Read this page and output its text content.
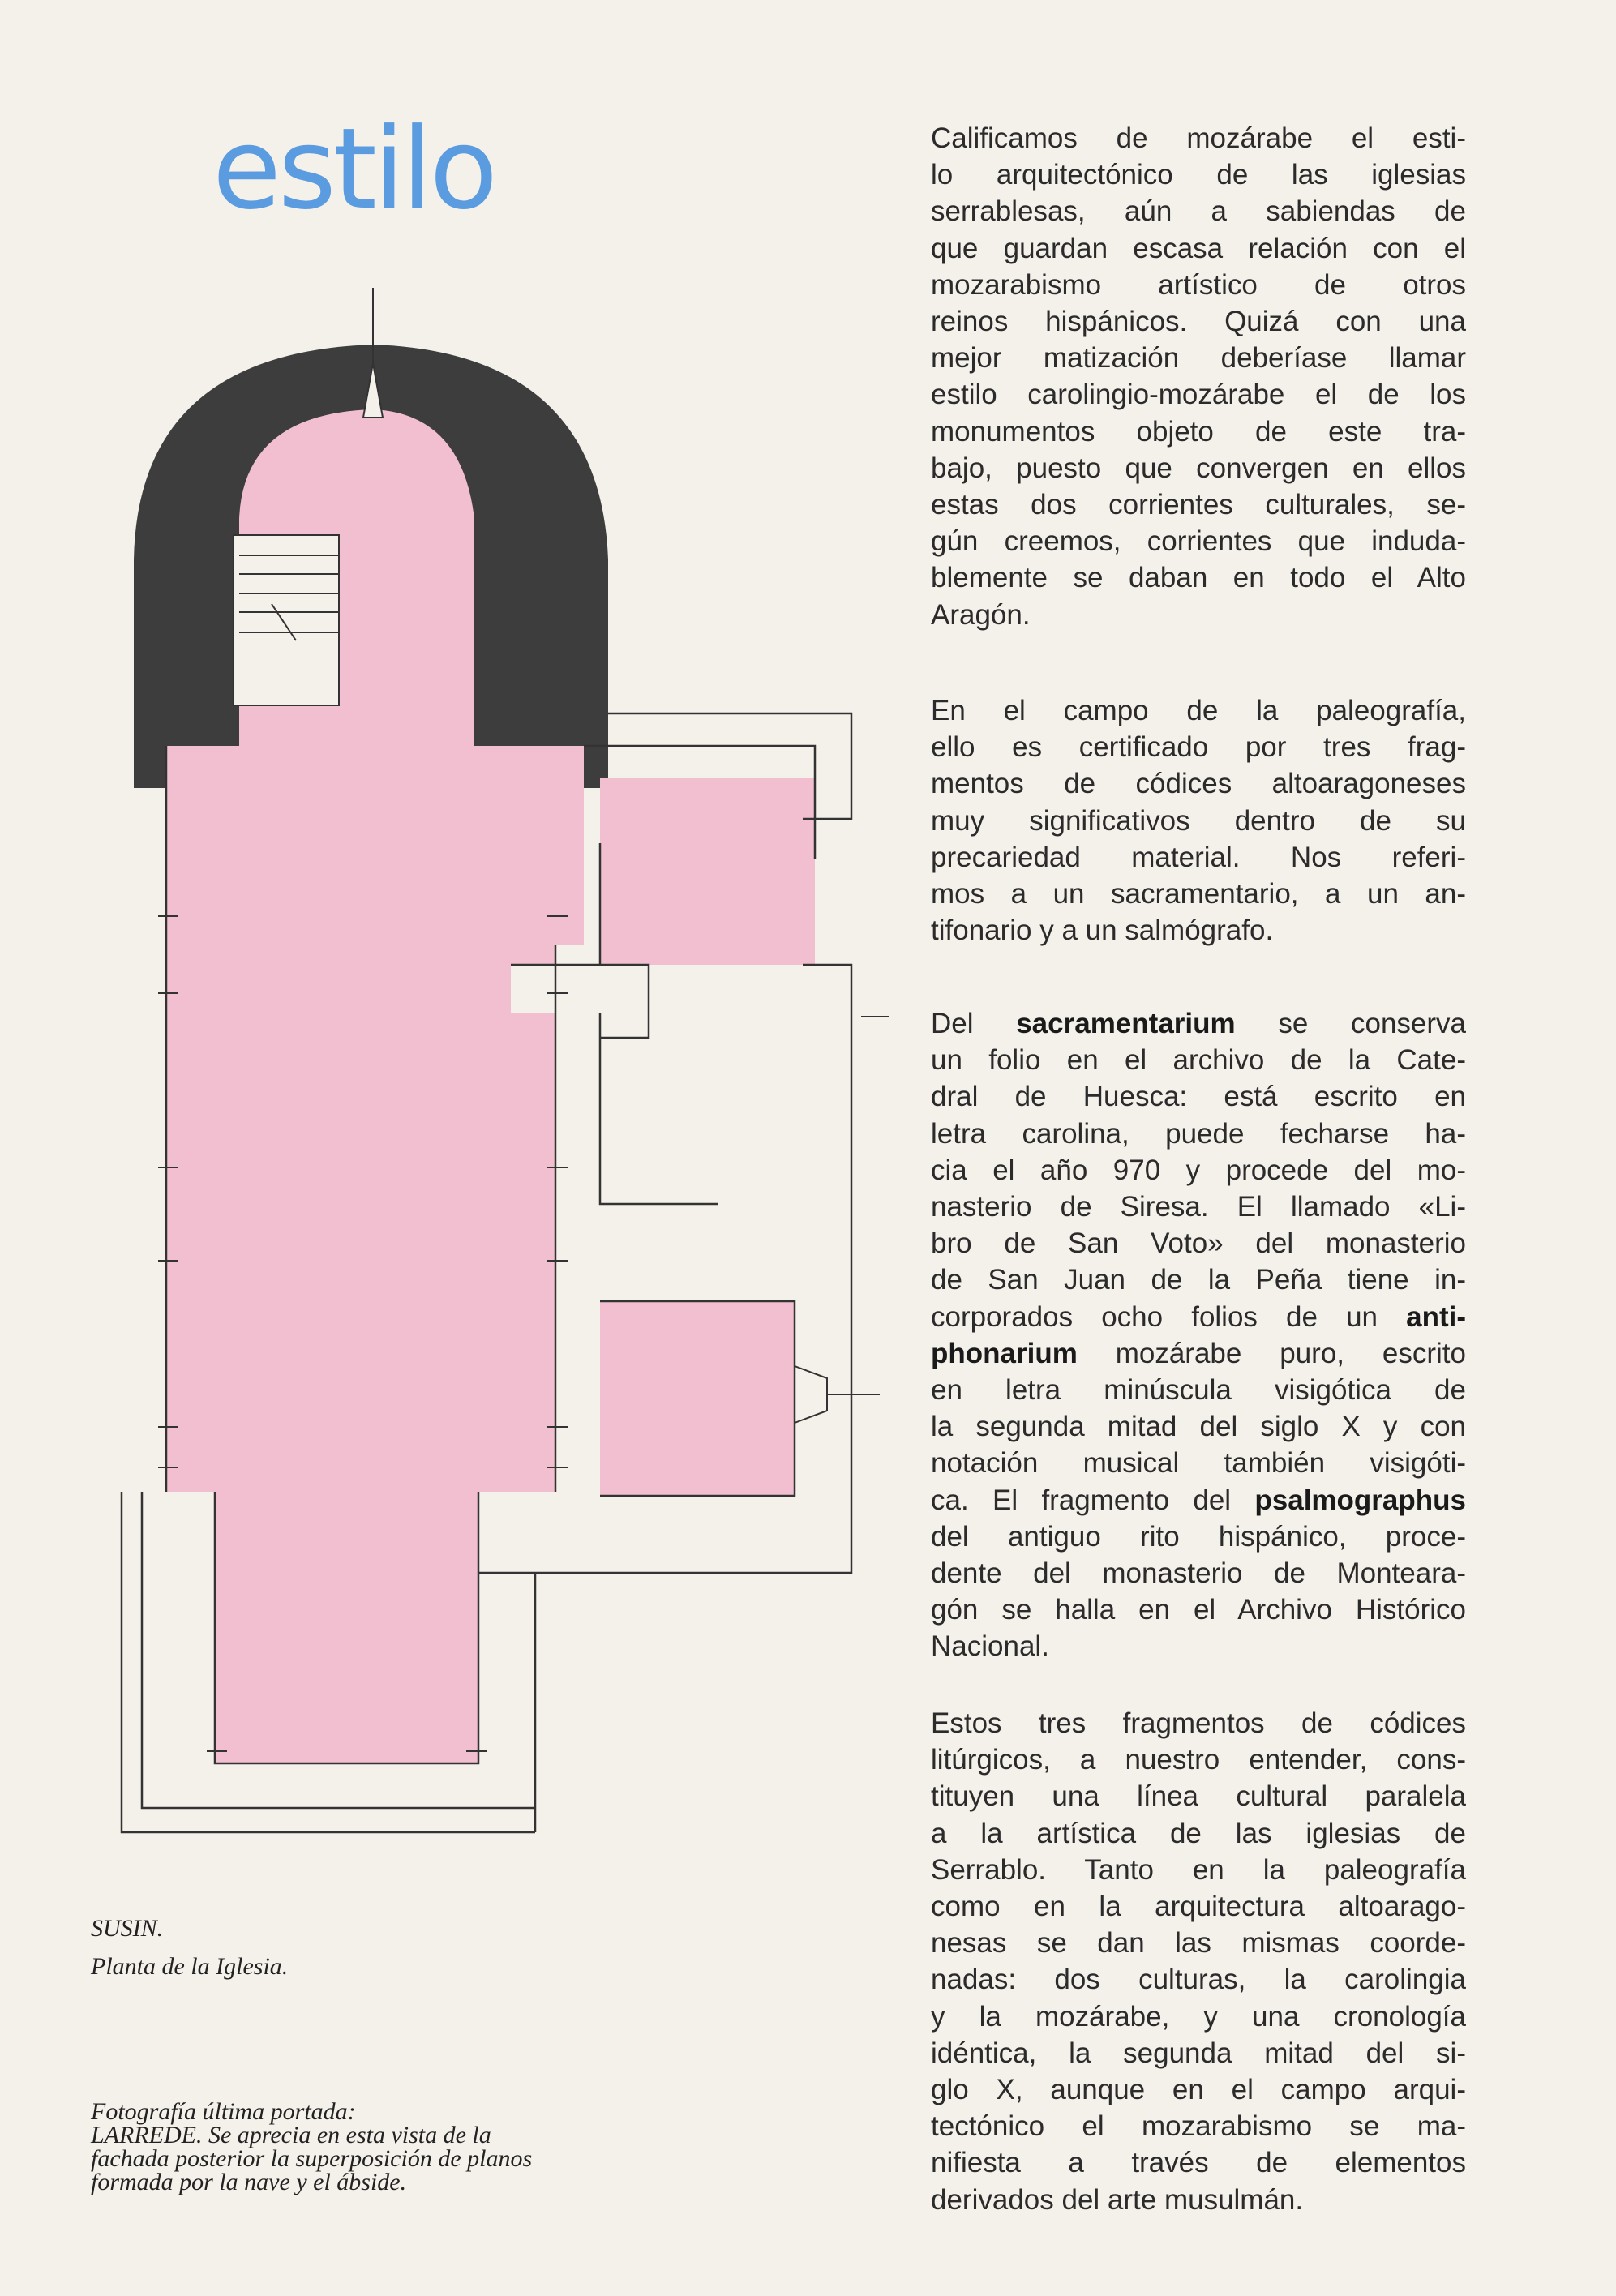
estilo

SUSIN.
Planta de la Iglesia.

Fotografía última portada:
LARREDE. Se aprecia en esta vista de la
fachada posterior la superposición de planos
formada por la nave y el ábside.

Calificamos de mozárabe el esti-
lo arquitectónico de las iglesias
serrablesas, aún a sabiendas de
que guardan escasa relación con el
mozarabismo artístico de otros
reinos hispánicos. Quizá con una
mejor matización deberíase llamar
estilo carolingio-mozárabe el de los
monumentos objeto de este tra-
bajo, puesto que convergen en ellos
estas dos corrientes culturales, se-
gún creemos, corrientes que induda-
blemente se daban en todo el Alto
Aragón.
En el campo de la paleografía,
ello es certificado por tres frag-
mentos de códices altoaragoneses
muy significativos dentro de su
precariedad material. Nos referi-
mos a un sacramentario, a un an-
tifonario y a un salmógrafo.
Del sacramentarium se conserva
un folio en el archivo de la Cate-
dral de Huesca: está escrito en
letra carolina, puede fecharse ha-
cia el año 970 y procede del mo-
nasterio de Siresa. El llamado «Li-
bro de San Voto» del monasterio
de San Juan de la Peña tiene in-
corporados ocho folios de un anti-
phonarium mozárabe puro, escrito
en letra minúscula visigótica de
la segunda mitad del siglo X y con
notación musical también visigóti-
ca. El fragmento del psalmographus
del antiguo rito hispánico, proce-
dente del monasterio de Monteara-
gón se halla en el Archivo Histórico
Nacional.
Estos tres fragmentos de códices
litúrgicos, a nuestro entender, cons-
tituyen una línea cultural paralela
a la artística de las iglesias de
Serrablo. Tanto en la paleografía
como en la arquitectura altoarago-
nesas se dan las mismas coorde-
nadas: dos culturas, la carolingia
y la mozárabe, y una cronología
idéntica, la segunda mitad del si-
glo X, aunque en el campo arqui-
tectónico el mozarabismo se ma-
nifiesta a través de elementos
derivados del arte musulmán.
